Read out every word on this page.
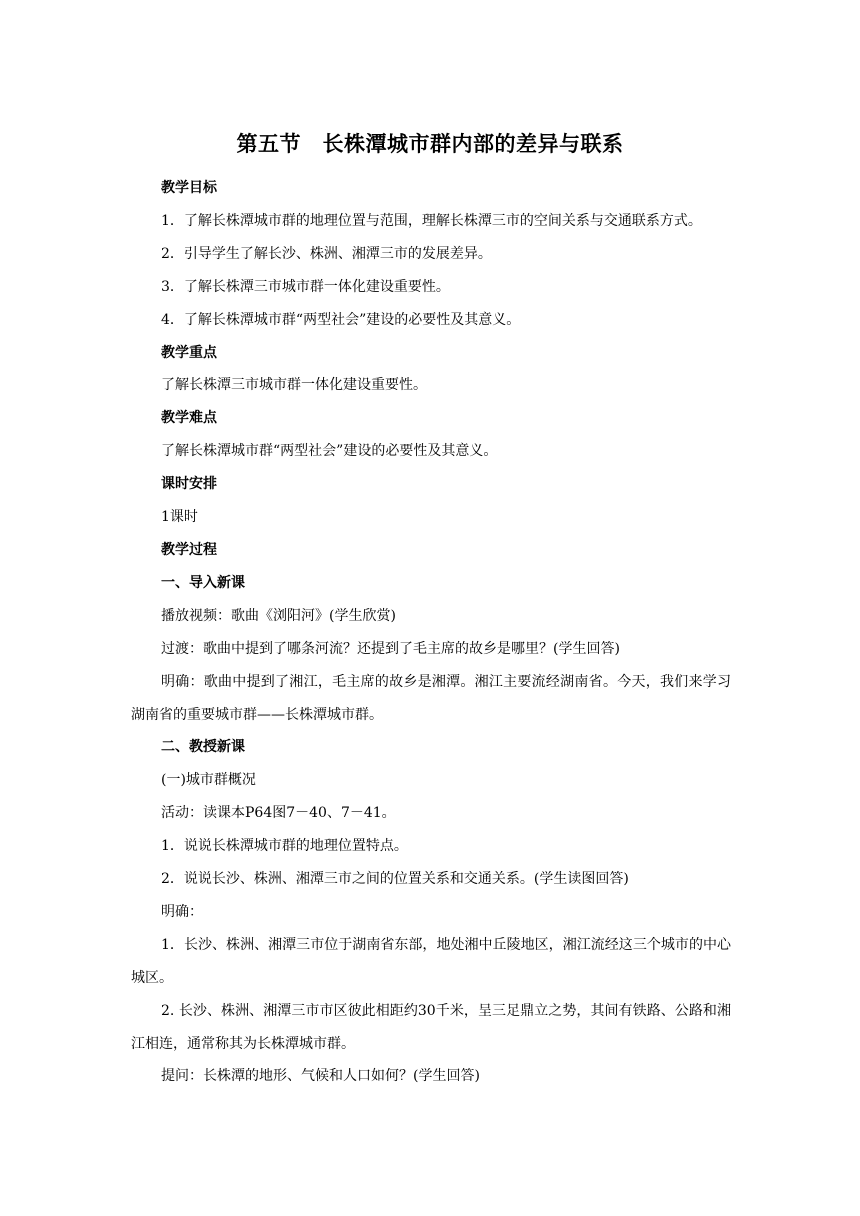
第五节　长株潭城市群内部的差异与联系

教学目标

1．了解长株潭城市群的地理位置与范围，理解长株潭三市的空间关系与交通联系方式。

2．引导学生了解长沙、株洲、湘潭三市的发展差异。

3．了解长株潭三市城市群一体化建设重要性。

4．了解长株潭城市群“两型社会”建设的必要性及其意义。

教学重点

了解长株潭三市城市群一体化建设重要性。

教学难点

了解长株潭城市群“两型社会”建设的必要性及其意义。

课时安排

1课时

教学过程

一、导入新课

播放视频：歌曲《浏阳河》(学生欣赏)

过渡：歌曲中提到了哪条河流？还提到了毛主席的故乡是哪里？(学生回答)

明确：歌曲中提到了湘江，毛主席的故乡是湘潭。湘江主要流经湖南省。今天，我们来学习湖南省的重要城市群——长株潭城市群。

二、教授新课

(一)城市群概况

活动：读课本P64图7－40、7－41。

1．说说长株潭城市群的地理位置特点。

2．说说长沙、株洲、湘潭三市之间的位置关系和交通关系。(学生读图回答)

明确：

1．长沙、株洲、湘潭三市位于湖南省东部，地处湘中丘陵地区，湘江流经这三个城市的中心城区。

2. 长沙、株洲、湘潭三市市区彼此相距约30千米，呈三足鼎立之势，其间有铁路、公路和湘江相连，通常称其为长株潭城市群。

提问：长株潭的地形、气候和人口如何？(学生回答)
